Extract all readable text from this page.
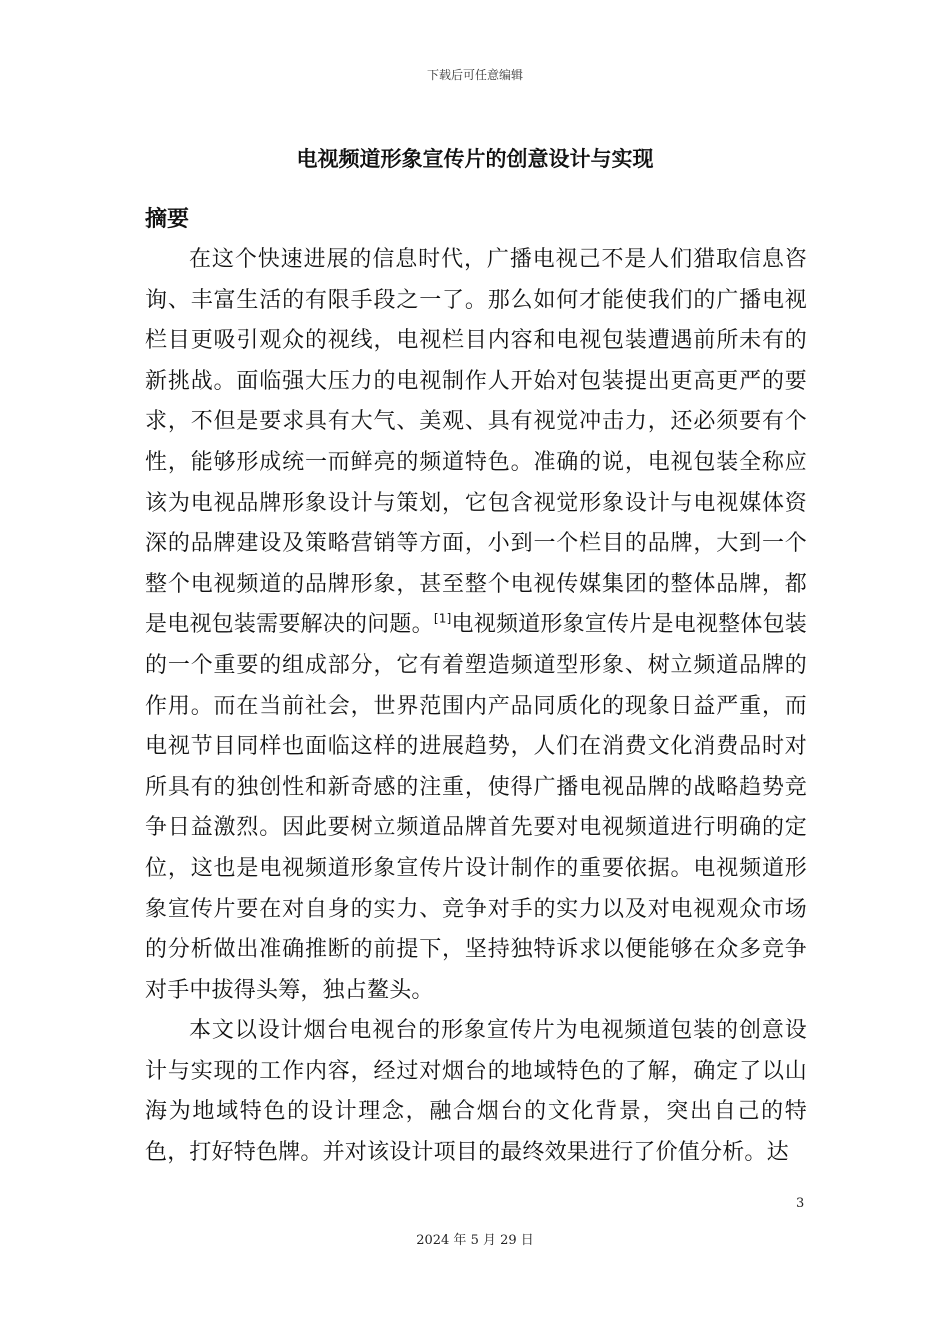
下载后可任意编辑
电视频道形象宣传片的创意设计与实现
摘要

在这个快速进展的信息时代，广播电视己不是人们猎取信息咨询、丰富生活的有限手段之一了。那么如何才能使我们的广播电视栏目更吸引观众的视线，电视栏目内容和电视包装遭遇前所未有的新挑战。面临强大压力的电视制作人开始对包装提出更高更严的要求，不但是要求具有大气、美观、具有视觉冲击力，还必须要有个性，能够形成统一而鲜亮的频道特色。准确的说，电视包装全称应该为电视品牌形象设计与策划，它包含视觉形象设计与电视媒体资深的品牌建设及策略营销等方面，小到一个栏目的品牌，大到一个整个电视频道的品牌形象，甚至整个电视传媒集团的整体品牌，都是电视包装需要解决的问题。[1]电视频道形象宣传片是电视整体包装的一个重要的组成部分，它有着塑造频道型形象、树立频道品牌的作用。而在当前社会，世界范围内产品同质化的现象日益严重，而电视节目同样也面临这样的进展趋势，人们在消费文化消费品时对所具有的独创性和新奇感的注重，使得广播电视品牌的战略趋势竞争日益激烈。因此要树立频道品牌首先要对电视频道进行明确的定位，这也是电视频道形象宣传片设计制作的重要依据。电视频道形象宣传片要在对自身的实力、竞争对手的实力以及对电视观众市场的分析做出准确推断的前提下，坚持独特诉求以便能够在众多竞争对手中拔得头筹，独占鳌头。

本文以设计烟台电视台的形象宣传片为电视频道包装的创意设计与实现的工作内容，经过对烟台的地域特色的了解，确定了以山海为地域特色的设计理念，融合烟台的文化背景，突出自己的特色，打好特色牌。并对该设计项目的最终效果进行了价值分析。达

3
2024 年 5 月 29 日
